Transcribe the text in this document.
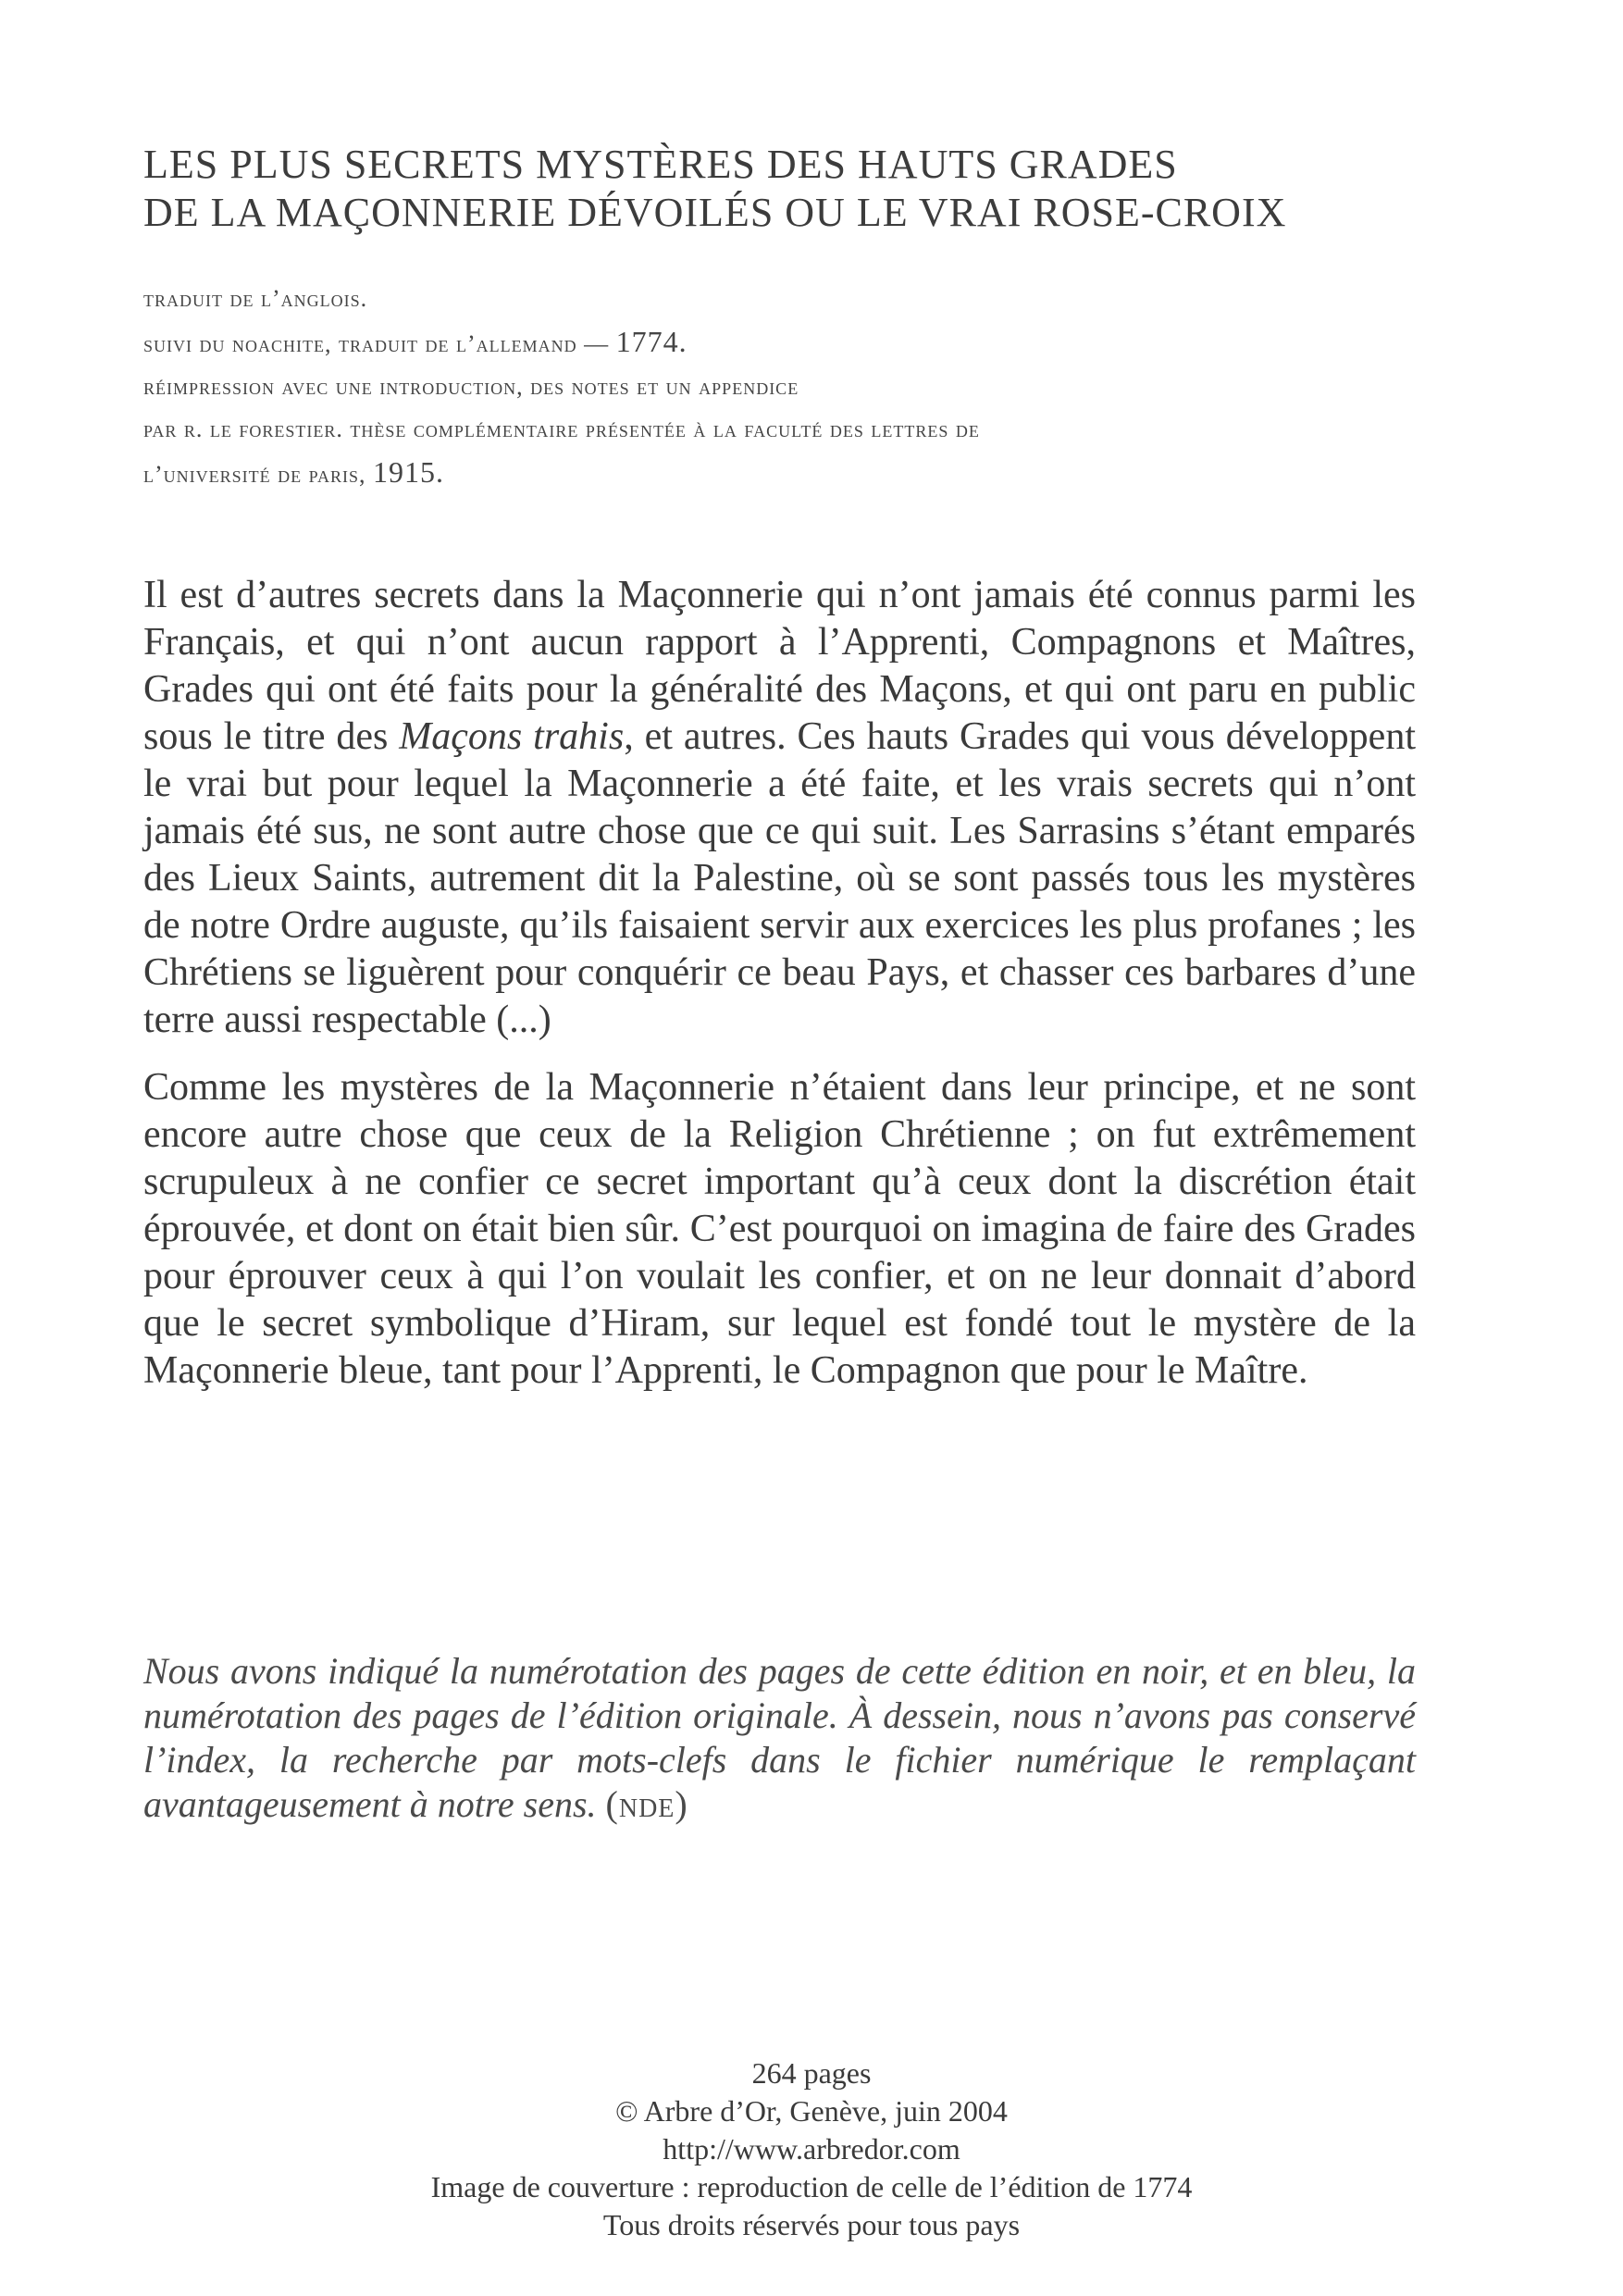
LES PLUS SECRETS MYSTÈRES DES HAUTS GRADES
DE LA MAÇONNERIE DÉVOILÉS OU LE VRAI ROSE-CROIX
traduit de l’anglois.
suivi du noachite, traduit de l’allemand — 1774.
réimpression avec une introduction, des notes et un appendice
par r. le forestier. thèse complémentaire présentée à la faculté des lettres de
l’université de paris, 1915.

Il est d’autres secrets dans la Maçonnerie qui n’ont jamais été connus parmi les Français, et qui n’ont aucun rapport à l’Apprenti, Compagnons et Maîtres, Grades qui ont été faits pour la généralité des Maçons, et qui ont paru en public sous le titre des Maçons trahis, et autres. Ces hauts Grades qui vous développent le vrai but pour lequel la Maçonnerie a été faite, et les vrais secrets qui n’ont jamais été sus, ne sont autre chose que ce qui suit. Les Sarrasins s’étant emparés des Lieux Saints, autrement dit la Palestine, où se sont passés tous les mystères de notre Ordre auguste, qu’ils faisaient servir aux exercices les plus profanes ; les Chrétiens se liguèrent pour conquérir ce beau Pays, et chasser ces barbares d’une terre aussi respectable (...)

Comme les mystères de la Maçonnerie n’étaient dans leur principe, et ne sont encore autre chose que ceux de la Religion Chrétienne ; on fut extrêmement scrupuleux à ne confier ce secret important qu’à ceux dont la discrétion était éprouvée, et dont on était bien sûr. C’est pourquoi on imagina de faire des Grades pour éprouver ceux à qui l’on voulait les confier, et on ne leur donnait d’abord que le secret symbolique d’Hiram, sur lequel est fondé tout le mystère de la Maçonnerie bleue, tant pour l’Apprenti, le Compagnon que pour le Maître.

Nous avons indiqué la numérotation des pages de cette édition en noir, et en bleu, la numérotation des pages de l’édition originale. À dessein, nous n’avons pas conservé l’index, la recherche par mots-clefs dans le fichier numérique le remplaçant avantageusement à notre sens. (nde)
264 pages
© Arbre d’Or, Genève, juin 2004
http://www.arbredor.com
Image de couverture : reproduction de celle de l’édition de 1774
Tous droits réservés pour tous pays
